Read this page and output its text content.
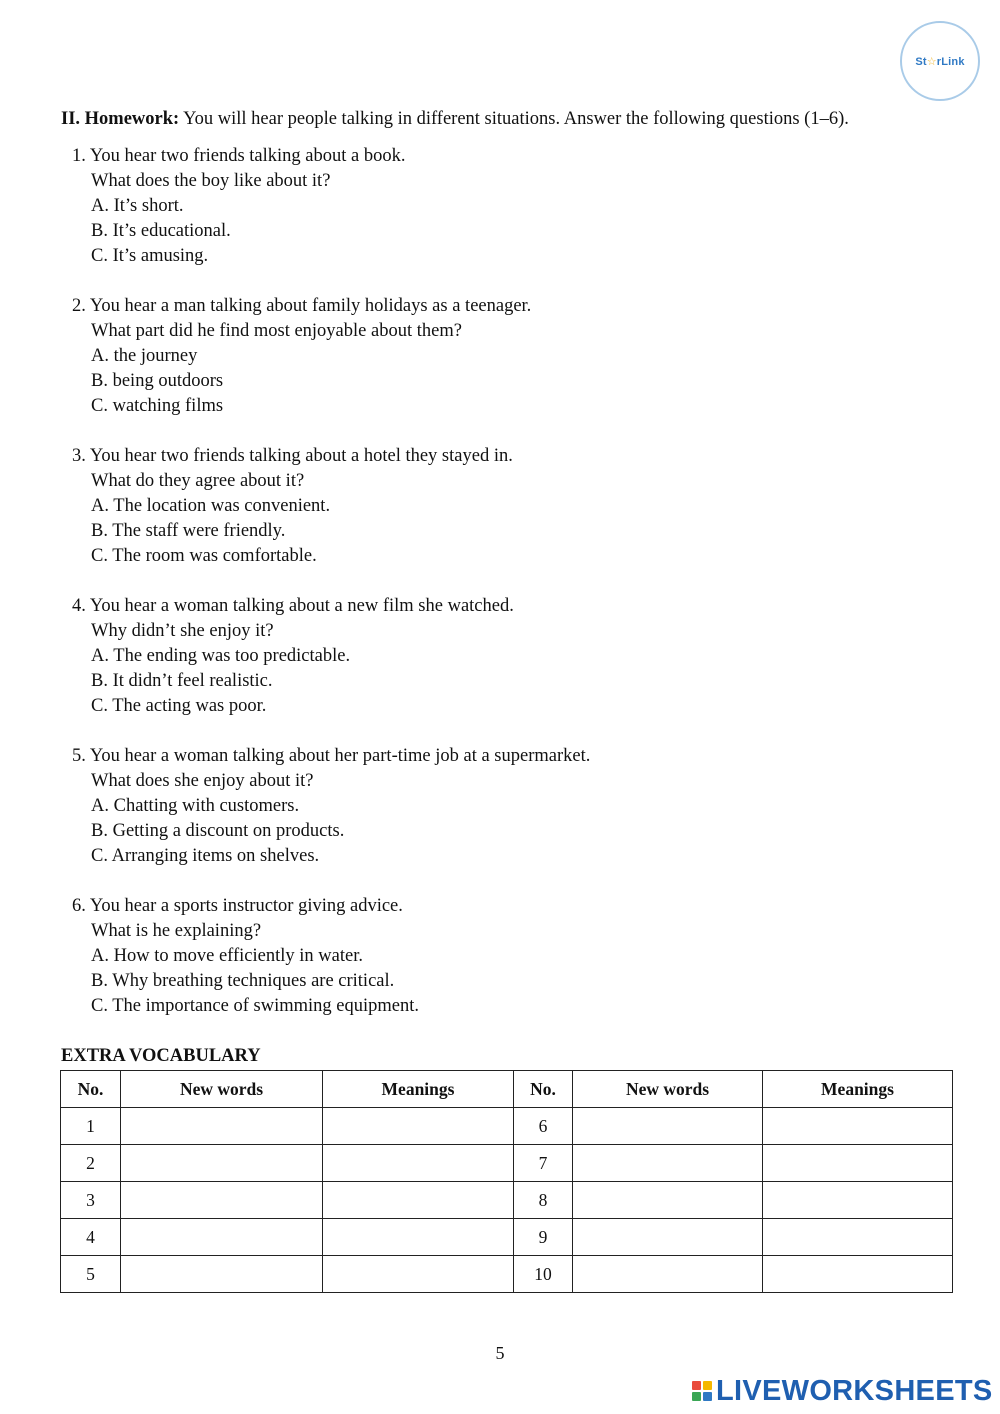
St☆rLink
II. Homework: You will hear people talking in different situations. Answer the following questions (1–6).
1. You hear two friends talking about a book.
What does the boy like about it?
A. It’s short.
B. It’s educational.
C. It’s amusing.
2. You hear a man talking about family holidays as a teenager.
What part did he find most enjoyable about them?
A. the journey
B. being outdoors
C. watching films
3. You hear two friends talking about a hotel they stayed in.
What do they agree about it?
A. The location was convenient.
B. The staff were friendly.
C. The room was comfortable.
4. You hear a woman talking about a new film she watched.
Why didn’t she enjoy it?
A. The ending was too predictable.
B. It didn’t feel realistic.
C. The acting was poor.
5. You hear a woman talking about her part-time job at a supermarket.
What does she enjoy about it?
A. Chatting with customers.
B. Getting a discount on products.
C. Arranging items on shelves.
6. You hear a sports instructor giving advice.
What is he explaining?
A. How to move efficiently in water.
B. Why breathing techniques are critical.
C. The importance of swimming equipment.
EXTRA VOCABULARY
No.	New words	Meanings	No.	New words	Meanings
1			6		
2			7		
3			8		
4			9		
5			10		
5
LIVEWORKSHEETS
